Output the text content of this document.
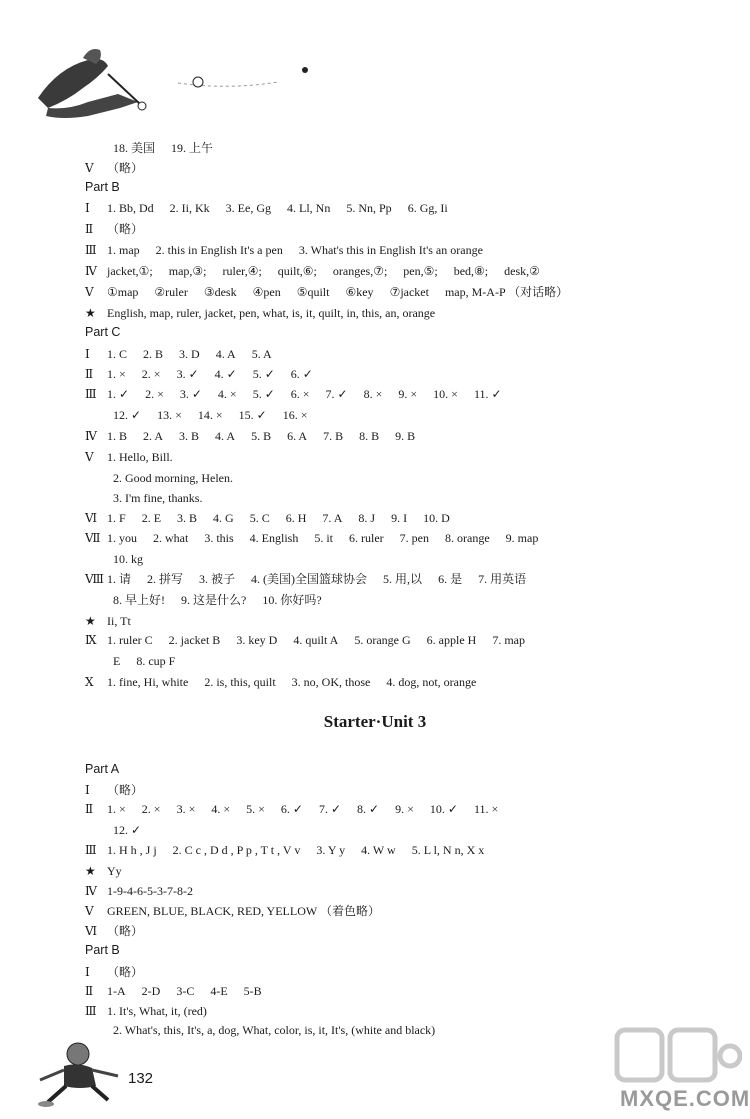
18. 美国 19. 上午
Ⅴ （略）
Part B
Ⅰ 1. Bb, Dd 2. Ii, Kk 3. Ee, Gg 4. Ll, Nn 5. Nn, Pp 6. Gg, Ii
Ⅱ （略）
Ⅲ 1. map 2. this in English It's a pen 3. What's this in English It's an orange
Ⅳ jacket,①; map,③; ruler,④; quilt,⑥; oranges,⑦; pen,⑤; bed,⑧; desk,②
Ⅴ ①map ②ruler ③desk ④pen ⑤quilt ⑥key ⑦jacket map, M-A-P （对话略）
★ English, map, ruler, jacket, pen, what, is, it, quilt, in, this, an, orange
Part C
Ⅰ 1. C 2. B 3. D 4. A 5. A
Ⅱ 1. × 2. × 3. ✓ 4. ✓ 5. ✓ 6. ✓
Ⅲ 1. ✓ 2. × 3. ✓ 4. × 5. ✓ 6. × 7. ✓ 8. × 9. × 10. × 11. ✓
12. ✓ 13. × 14. × 15. ✓ 16. ×
Ⅳ 1. B 2. A 3. B 4. A 5. B 6. A 7. B 8. B 9. B
Ⅴ 1. Hello, Bill.
2. Good morning, Helen.
3. I'm fine, thanks.
Ⅵ 1. F 2. E 3. B 4. G 5. C 6. H 7. A 8. J 9. I 10. D
Ⅶ 1. you 2. what 3. this 4. English 5. it 6. ruler 7. pen 8. orange 9. map
10. kg
Ⅷ 1. 请 2. 拼写 3. 被子 4. (美国)全国篮球协会 5. 用,以 6. 是 7. 用英语
8. 早上好! 9. 这是什么? 10. 你好吗?
★ Ii, Tt
Ⅸ 1. ruler C 2. jacket B 3. key D 4. quilt A 5. orange G 6. apple H 7. map
E 8. cup F
Ⅹ 1. fine, Hi, white 2. is, this, quilt 3. no, OK, those 4. dog, not, orange
Part A
Ⅰ （略）
Ⅱ 1. × 2. × 3. × 4. × 5. × 6. ✓ 7. ✓ 8. ✓ 9. × 10. ✓ 11. ×
12. ✓
Ⅲ 1. H h , J j 2. C c , D d , P p , T t , V v 3. Y y 4. W w 5. L l, N n, X x
★ Yy
Ⅳ 1-9-4-6-5-3-7-8-2
Ⅴ GREEN, BLUE, BLACK, RED, YELLOW （着色略）
Ⅵ （略）
Part B
Ⅰ （略）
Ⅱ 1-A 2-D 3-C 4-E 5-B
Ⅲ 1. It's, What, it, (red)
2. What's, this, It's, a, dog, What, color, is, it, It's, (white and black)
Starter·Unit 3
132
MXQE.COM
